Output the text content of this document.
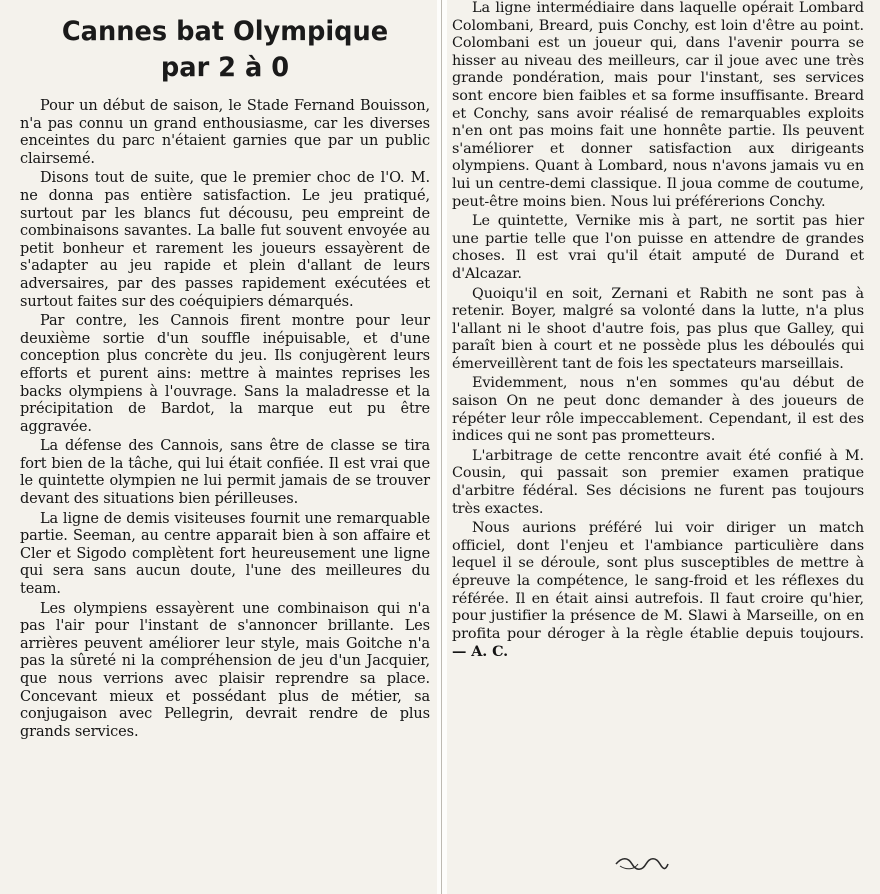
Cannes bat Olympique
par 2 à 0

Pour un début de saison, le Stade Fernand Bouisson, n'a pas connu un grand enthousiasme, car les diverses enceintes du parc n'étaient garnies que par un public clairsemé.

Disons tout de suite, que le premier choc de l'O. M. ne donna pas entière satisfaction. Le jeu pratiqué, surtout par les blancs fut décousu, peu empreint de combinaisons savantes. La balle fut souvent envoyée au petit bonheur et rarement les joueurs essayèrent de s'adapter au jeu rapide et plein d'allant de leurs adversaires, par des passes rapidement exécutées et surtout faites sur des coéquipiers démarqués.

Par contre, les Cannois firent montre pour leur deuxième sortie d'un souffle inépuisable, et d'une conception plus concrète du jeu. Ils conjugèrent leurs efforts et purent ains: mettre à maintes reprises les backs olympiens à l'ouvrage. Sans la maladresse et la précipitation de Bardot, la marque eut pu être aggravée.

La défense des Cannois, sans être de classe se tira fort bien de la tâche, qui lui était confiée. Il est vrai que le quintette olympien ne lui permit jamais de se trouver devant des situations bien périlleuses.

La ligne de demis visiteuses fournit une remarquable partie. Seeman, au centre apparait bien à son affaire et Cler et Sigodo complètent fort heureusement une ligne qui sera sans aucun doute, l'une des meilleures du team.

Les olympiens essayèrent une combinaison qui n'a pas l'air pour l'instant de s'annoncer brillante. Les arrières peuvent améliorer leur style, mais Goitche n'a pas la sûreté ni la compréhension de jeu d'un Jacquier, que nous verrions avec plaisir reprendre sa place. Concevant mieux et possédant plus de métier, sa conjugaison avec Pellegrin, devrait rendre de plus grands services.

La ligne intermédiaire dans laquelle opérait Lombard Colombani, Breard, puis Conchy, est loin d'être au point. Colombani est un joueur qui, dans l'avenir pourra se hisser au niveau des meilleurs, car il joue avec une très grande pondération, mais pour l'instant, ses services sont encore bien faibles et sa forme insuffisante. Breard et Conchy, sans avoir réalisé de remarquables exploits n'en ont pas moins fait une honnête partie. Ils peuvent s'améliorer et donner satisfaction aux dirigeants olympiens. Quant à Lombard, nous n'avons jamais vu en lui un centre-demi classique. Il joua comme de coutume, peut-être moins bien. Nous lui préférerions Conchy.

Le quintette, Vernike mis à part, ne sortit pas hier une partie telle que l'on puisse en attendre de grandes choses. Il est vrai qu'il était amputé de Durand et d'Alcazar.

Quoiqu'il en soit, Zernani et Rabith ne sont pas à retenir. Boyer, malgré sa volonté dans la lutte, n'a plus l'allant ni le shoot d'autre fois, pas plus que Galley, qui paraît bien à court et ne possède plus les déboulés qui émerveillèrent tant de fois les spectateurs marseillais.

Evidemment, nous n'en sommes qu'au début de saison On ne peut donc demander à des joueurs de répéter leur rôle impeccablement. Cependant, il est des indices qui ne sont pas prometteurs.

L'arbitrage de cette rencontre avait été confié à M. Cousin, qui passait son premier examen pratique d'arbitre fédéral. Ses décisions ne furent pas toujours très exactes.

Nous aurions préféré lui voir diriger un match officiel, dont l'enjeu et l'ambiance particulière dans lequel il se déroule, sont plus susceptibles de mettre à épreuve la compétence, le sang-froid et les réflexes du référée. Il en était ainsi autrefois. Il faut croire qu'hier, pour justifier la présence de M. Slawi à Marseille, on en profita pour déroger à la règle établie depuis toujours. — A. C.
